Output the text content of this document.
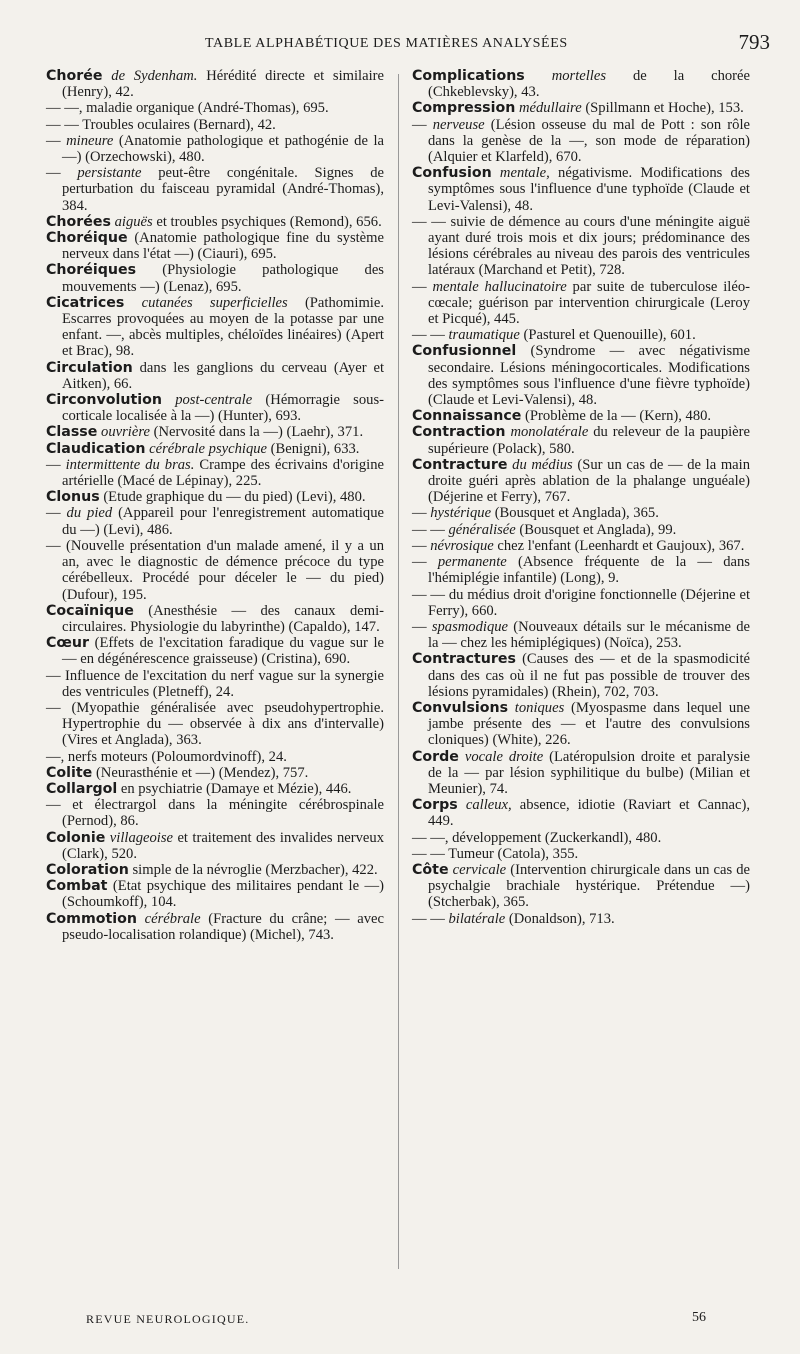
TABLE ALPHABÉTIQUE DES MATIÈRES ANALYSÉES	793

Chorée de Sydenham. Hérédité directe et similaire (Henry), 42.

— —, maladie organique (André-Thomas), 695.

— — Troubles oculaires (Bernard), 42.

— mineure (Anatomie pathologique et pathogénie de la —) (Orzechowski), 480.

— persistante peut-être congénitale. Signes de perturbation du faisceau pyramidal (André-Thomas), 384.

Chorées aiguës et troubles psychiques (Remond), 656.

Choréique (Anatomie pathologique fine du système nerveux dans l'état —) (Ciauri), 695.

Choréiques (Physiologie pathologique des mouvements —) (Lenaz), 695.

Cicatrices cutanées superficielles (Pathomimie. Escarres provoquées au moyen de la potasse par une enfant. —, abcès multiples, chéloïdes linéaires) (Apert et Brac), 98.

Circulation dans les ganglions du cerveau (Ayer et Aitken), 66.

Circonvolution post-centrale (Hémorragie sous-corticale localisée à la —) (Hunter), 693.

Classe ouvrière (Nervosité dans la —) (Laehr), 371.

Claudication cérébrale psychique (Benigni), 633.

— intermittente du bras. Crampe des écrivains d'origine artérielle (Macé de Lépinay), 225.

Clonus (Etude graphique du — du pied) (Levi), 480.

— du pied (Appareil pour l'enregistrement automatique du —) (Levi), 486.

— (Nouvelle présentation d'un malade amené, il y a un an, avec le diagnostic de démence précoce du type cérébelleux. Procédé pour déceler le — du pied) (Dufour), 195.

Cocaïnique (Anesthésie — des canaux demi-circulaires. Physiologie du labyrinthe) (Capaldo), 147.

Cœur (Effets de l'excitation faradique du vague sur le — en dégénérescence graisseuse) (Cristina), 690.

— Influence de l'excitation du nerf vague sur la synergie des ventricules (Pletneff), 24.

— (Myopathie généralisée avec pseudohypertrophie. Hypertrophie du — observée à dix ans d'intervalle) (Vires et Anglada), 363.

—, nerfs moteurs (Poloumordvinoff), 24.

Colite (Neurasthénie et —) (Mendez), 757.

Collargol en psychiatrie (Damaye et Mézie), 446.

— et électrargol dans la méningite cérébrospinale (Pernod), 86.

Colonie villageoise et traitement des invalides nerveux (Clark), 520.

Coloration simple de la névroglie (Merzbacher), 422.

Combat (Etat psychique des militaires pendant le —) (Schoumkoff), 104.

Commotion cérébrale (Fracture du crâne; — avec pseudo-localisation rolandique) (Michel), 743.

Complications mortelles de la chorée (Chkeblevsky), 43.

Compression médullaire (Spillmann et Hoche), 153.

— nerveuse (Lésion osseuse du mal de Pott : son rôle dans la genèse de la —, son mode de réparation) (Alquier et Klarfeld), 670.

Confusion mentale, négativisme. Modifications des symptômes sous l'influence d'une typhoïde (Claude et Levi-Valensi), 48.

— — suivie de démence au cours d'une méningite aiguë ayant duré trois mois et dix jours; prédominance des lésions cérébrales au niveau des parois des ventricules latéraux (Marchand et Petit), 728.

— mentale hallucinatoire par suite de tuberculose iléo-cœcale; guérison par intervention chirurgicale (Leroy et Picqué), 445.

— — traumatique (Pasturel et Quenouille), 601.

Confusionnel (Syndrome — avec négativisme secondaire. Lésions méningocorticales. Modifications des symptômes sous l'influence d'une fièvre typhoïde) (Claude et Levi-Valensi), 48.

Connaissance (Problème de la — (Kern), 480.

Contraction monolatérale du releveur de la paupière supérieure (Polack), 580.

Contracture du médius (Sur un cas de — de la main droite guéri après ablation de la phalange unguéale) (Déjerine et Ferry), 767.

— hystérique (Bousquet et Anglada), 365.

— — généralisée (Bousquet et Anglada), 99.

— névrosique chez l'enfant (Leenhardt et Gaujoux), 367.

— permanente (Absence fréquente de la — dans l'hémiplégie infantile) (Long), 9.

— — du médius droit d'origine fonctionnelle (Déjerine et Ferry), 660.

— spasmodique (Nouveaux détails sur le mécanisme de la — chez les hémiplégiques) (Noïca), 253.

Contractures (Causes des — et de la spasmodicité dans des cas où il ne fut pas possible de trouver des lésions pyramidales) (Rhein), 702, 703.

Convulsions toniques (Myospasme dans lequel une jambe présente des — et l'autre des convulsions cloniques) (White), 226.

Corde vocale droite (Latéropulsion droite et paralysie de la — par lésion syphilitique du bulbe) (Milian et Meunier), 74.

Corps calleux, absence, idiotie (Raviart et Cannac), 449.

— —, développement (Zuckerkandl), 480.

— — Tumeur (Catola), 355.

Côte cervicale (Intervention chirurgicale dans un cas de psychalgie brachiale hystérique. Prétendue —) (Stcherbak), 365.

— — bilatérale (Donaldson), 713.

REVUE NEUROLOGIQUE.	56
